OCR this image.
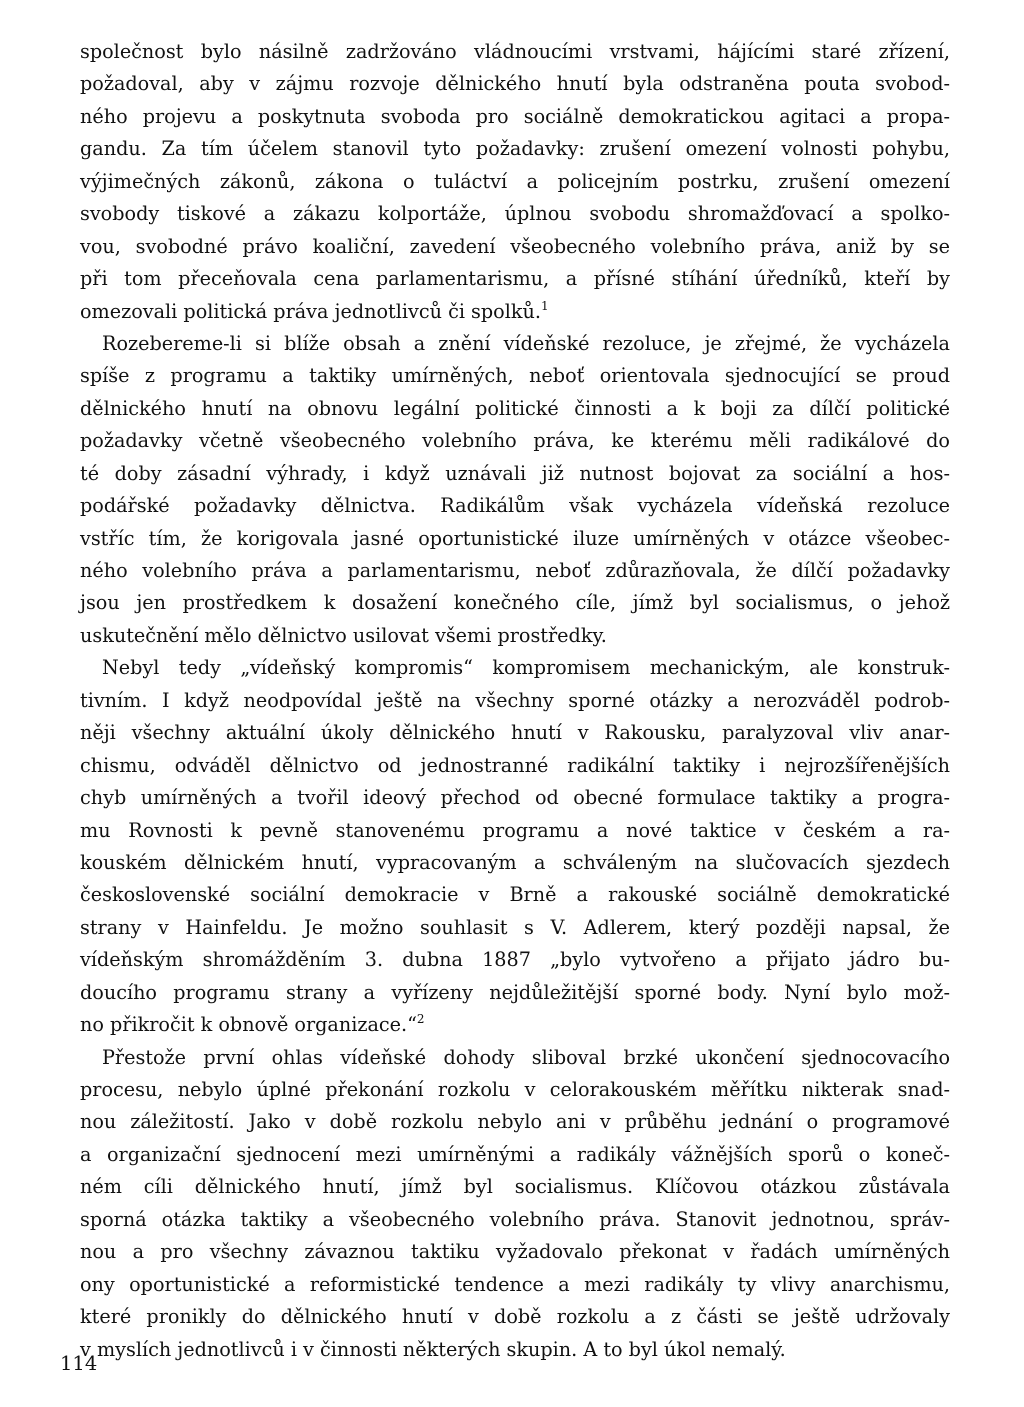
společnost bylo násilně zadržováno vládnoucími vrstvami, hájícími staré zřízení,
požadoval, aby v zájmu rozvoje dělnického hnutí byla odstraněna pouta svobod-
ného projevu a poskytnuta svoboda pro sociálně demokratickou agitaci a propa-
gandu. Za tím účelem stanovil tyto požadavky: zrušení omezení volnosti pohybu,
výjimečných zákonů, zákona o tuláctví a policejním postrku, zrušení omezení
svobody tiskové a zákazu kolportáže, úplnou svobodu shromažďovací a spolko-
vou, svobodné právo koaliční, zavedení všeobecného volebního práva, aniž by se
při tom přeceňovala cena parlamentarismu, a přísné stíhání úředníků, kteří by
omezovali politická práva jednotlivců či spolků.$^1$
Rozebereme-li si blíže obsah a znění vídeňské rezoluce, je zřejmé, že vycházela
spíše z programu a taktiky umírněných, neboť orientovala sjednocující se proud
dělnického hnutí na obnovu legální politické činnosti a k boji za dílčí politické
požadavky včetně všeobecného volebního práva, ke kterému měli radikálové do
té doby zásadní výhrady, i když uznávali již nutnost bojovat za sociální a hos-
podářské požadavky dělnictva. Radikálům však vycházela vídeňská rezoluce
vstříc tím, že korigovala jasné oportunistické iluze umírněných v otázce všeobec-
ného volebního práva a parlamentarismu, neboť zdůrazňovala, že dílčí požadavky
jsou jen prostředkem k dosažení konečného cíle, jímž byl socialismus, o jehož
uskutečnění mělo dělnictvo usilovat všemi prostředky.
Nebyl tedy „vídeňský kompromis“ kompromisem mechanickým, ale konstruk-
tivním. I když neodpovídal ještě na všechny sporné otázky a nerozváděl podrob-
něji všechny aktuální úkoly dělnického hnutí v Rakousku, paralyzoval vliv anar-
chismu, odváděl dělnictvo od jednostranné radikální taktiky i nejrozšířenějších
chyb umírněných a tvořil ideový přechod od obecné formulace taktiky a progra-
mu Rovnosti k pevně stanovenému programu a nové taktice v českém a ra-
kouském dělnickém hnutí, vypracovaným a schváleným na slučovacích sjezdech
československé sociální demokracie v Brně a rakouské sociálně demokratické
strany v Hainfeldu. Je možno souhlasit s V. Adlerem, který později napsal, že
vídeňským shromážděním 3. dubna 1887 „bylo vytvořeno a přijato jádro bu-
doucího programu strany a vyřízeny nejdůležitější sporné body. Nyní bylo mož-
no přikročit k obnově organizace.“$^2$
Přestože první ohlas vídeňské dohody sliboval brzké ukončení sjednocovacího
procesu, nebylo úplné překonání rozkolu v celorakouském měřítku nikterak snad-
nou záležitostí. Jako v době rozkolu nebylo ani v průběhu jednání o programové
a organizační sjednocení mezi umírněnými a radikály vážnějších sporů o koneč-
ném cíli dělnického hnutí, jímž byl socialismus. Klíčovou otázkou zůstávala
sporná otázka taktiky a všeobecného volebního práva. Stanovit jednotnou, správ-
nou a pro všechny závaznou taktiku vyžadovalo překonat v řadách umírněných
ony oportunistické a reformistické tendence a mezi radikály ty vlivy anarchismu,
které pronikly do dělnického hnutí v době rozkolu a z části se ještě udržovaly
v myslích jednotlivců i v činnosti některých skupin. A to byl úkol nemalý.
114
